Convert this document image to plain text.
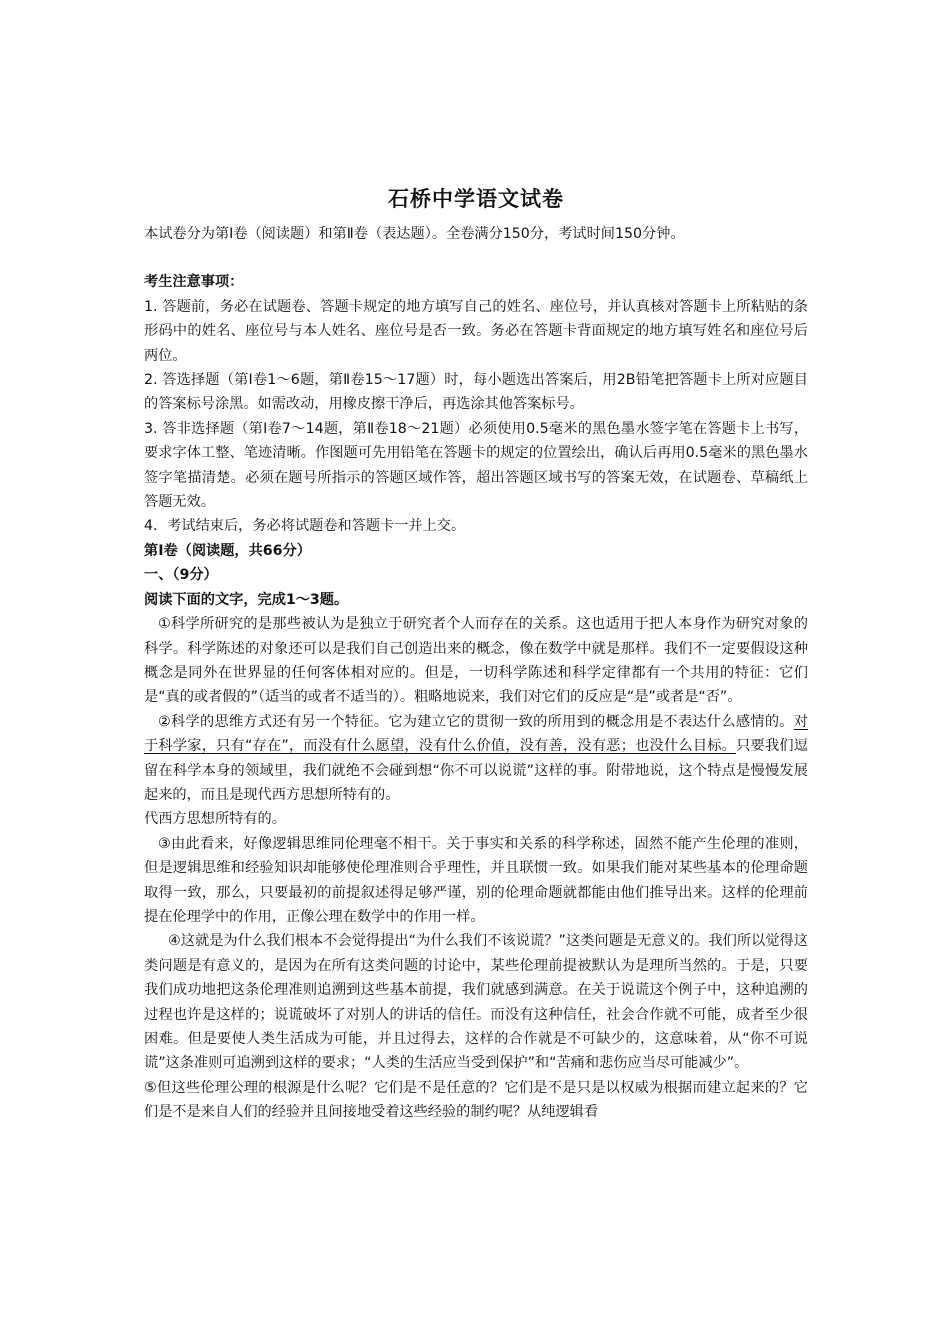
石桥中学语文试卷

本试卷分为第Ⅰ卷（阅读题）和第Ⅱ卷（表达题）。全卷满分150分，考试时间150分钟。

考生注意事项：

1. 答题前，务必在试题卷、答题卡规定的地方填写自己的姓名、座位号，并认真核对答题卡上所粘贴的条形码中的姓名、座位号与本人姓名、座位号是否一致。务必在答题卡背面规定的地方填写姓名和座位号后两位。

2. 答选择题（第Ⅰ卷1～6题，第Ⅱ卷15～17题）时，每小题选出答案后，用2B铅笔把答题卡上所对应题目的答案标号涂黑。如需改动，用橡皮擦干净后，再选涂其他答案标号。

3. 答非选择题（第Ⅰ卷7～14题，第Ⅱ卷18～21题）必须使用0.5毫米的黑色墨水签字笔在答题卡上书写，要求字体工整、笔迹清晰。作图题可先用铅笔在答题卡的规定的位置绘出，确认后再用0.5毫米的黑色墨水签字笔描清楚。必须在题号所指示的答题区域作答，超出答题区域书写的答案无效，在试题卷、草稿纸上答题无效。

4．考试结束后，务必将试题卷和答题卡一并上交。

第Ⅰ卷（阅读题，共66分）

一、（9分）

阅读下面的文字，完成1～3题。

①科学所研究的是那些被认为是独立于研究者个人而存在的关系。这也适用于把人本身作为研究对象的科学。科学陈述的对象还可以是我们自己创造出来的概念，像在数学中就是那样。我们不一定要假设这种概念是同外在世界显的任何客体相对应的。但是，一切科学陈述和科学定律都有一个共用的特征：它们是“真的或者假的”（适当的或者不适当的）。粗略地说来，我们对它们的反应是“是”或者是“否”。

②科学的思维方式还有另一个特征。它为建立它的贯彻一致的所用到的概念用是不表达什么感情的。对于科学家，只有“存在”，而没有什么愿望，没有什么价值，没有善，没有恶；也没什么目标。只要我们逗留在科学本身的领域里，我们就绝不会碰到想“你不可以说谎”这样的事。附带地说，这个特点是慢慢发展起来的，而且是现代西方思想所特有的。

代西方思想所特有的。

③由此看来，好像逻辑思维同伦理毫不相干。关于事实和关系的科学称述，固然不能产生伦理的准则，但是逻辑思维和经验知识却能够使伦理准则合乎理性，并且联惯一致。如果我们能对某些基本的伦理命题取得一致，那么，只要最初的前提叙述得足够严谨，别的伦理命题就都能由他们推导出来。这样的伦理前提在伦理学中的作用，正像公理在数学中的作用一样。

④这就是为什么我们根本不会觉得提出“为什么我们不该说谎？”这类问题是无意义的。我们所以觉得这类问题是有意义的，是因为在所有这类问题的讨论中，某些伦理前提被默认为是理所当然的。于是，只要我们成功地把这条伦理准则追溯到这些基本前提，我们就感到满意。在关于说谎这个例子中，这种追溯的过程也许是这样的；说谎破坏了对别人的讲话的信任。而没有这种信任，社会合作就不可能，成者至少很困难。但是要使人类生活成为可能，并且过得去，这样的合作就是不可缺少的，这意味着，从“你不可说谎”这条准则可追溯到这样的要求；“人类的生活应当受到保护”和“苦痛和悲伤应当尽可能减少”。

⑤但这些伦理公理的根源是什么呢？它们是不是任意的？它们是不是只是以权威为根据而建立起来的？它们是不是来自人们的经验并且间接地受着这些经验的制约呢？从纯逻辑看
